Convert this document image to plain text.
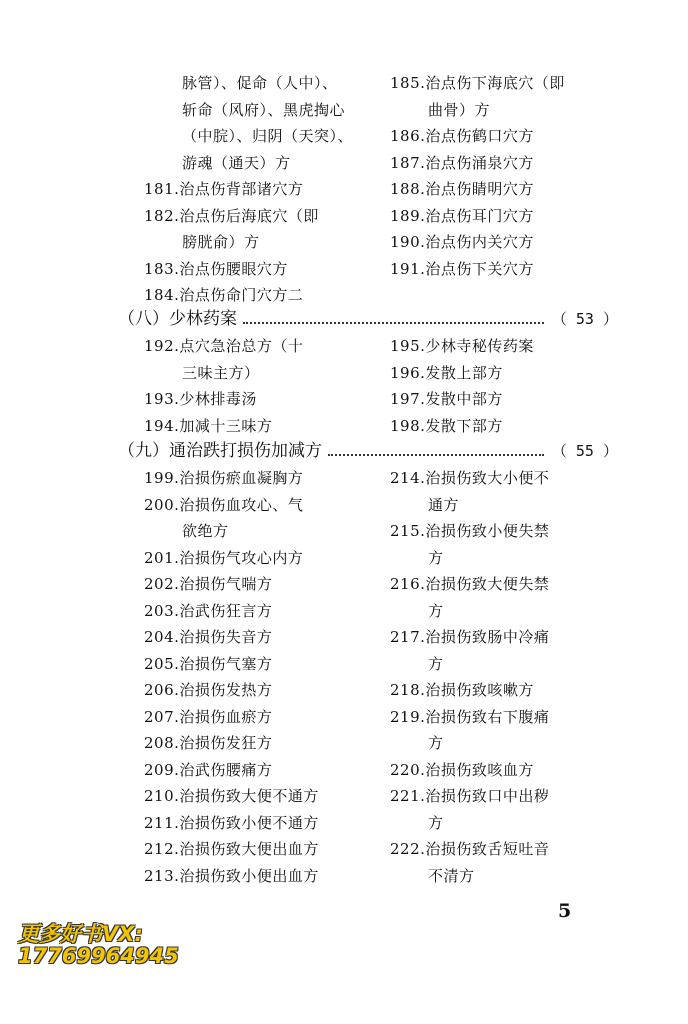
脉管）、促命（人中）、
斩命（风府）、黑虎掏心
（中脘）、归阴（天突）、
游魂（通天）方
181.治点伤背部诸穴方
182.治点伤后海底穴（即
膀胱俞）方
183.治点伤腰眼穴方
184.治点伤命门穴方二
185.治点伤下海底穴（即
曲骨）方
186.治点伤鹤口穴方
187.治点伤涌泉穴方
188.治点伤睛明穴方
189.治点伤耳门穴方
190.治点伤内关穴方
191.治点伤下关穴方
（八）少林药案	（ 53 ）
192.点穴急治总方（十
三味主方）
193.少林排毒汤
194.加减十三味方
195.少林寺秘传药案
196.发散上部方
197.发散中部方
198.发散下部方
（九）通治跌打损伤加减方	（ 55 ）
199.治损伤瘀血凝胸方
200.治损伤血攻心、气
欲绝方
201.治损伤气攻心内方
202.治损伤气喘方
203.治武伤狂言方
204.治损伤失音方
205.治损伤气塞方
206.治损伤发热方
207.治损伤血瘀方
208.治损伤发狂方
209.治武伤腰痛方
210.治损伤致大便不通方
211.治损伤致小便不通方
212.治损伤致大便出血方
213.治损伤致小便出血方
214.治损伤致大小便不
通方
215.治损伤致小便失禁
方
216.治损伤致大便失禁
方
217.治损伤致肠中冷痛
方
218.治损伤致咳嗽方
219.治损伤致右下腹痛
方
220.治损伤致咳血方
221.治损伤致口中出秽
方
222.治损伤致舌短吐音
不清方
5
更多好书VX:
17769964945
